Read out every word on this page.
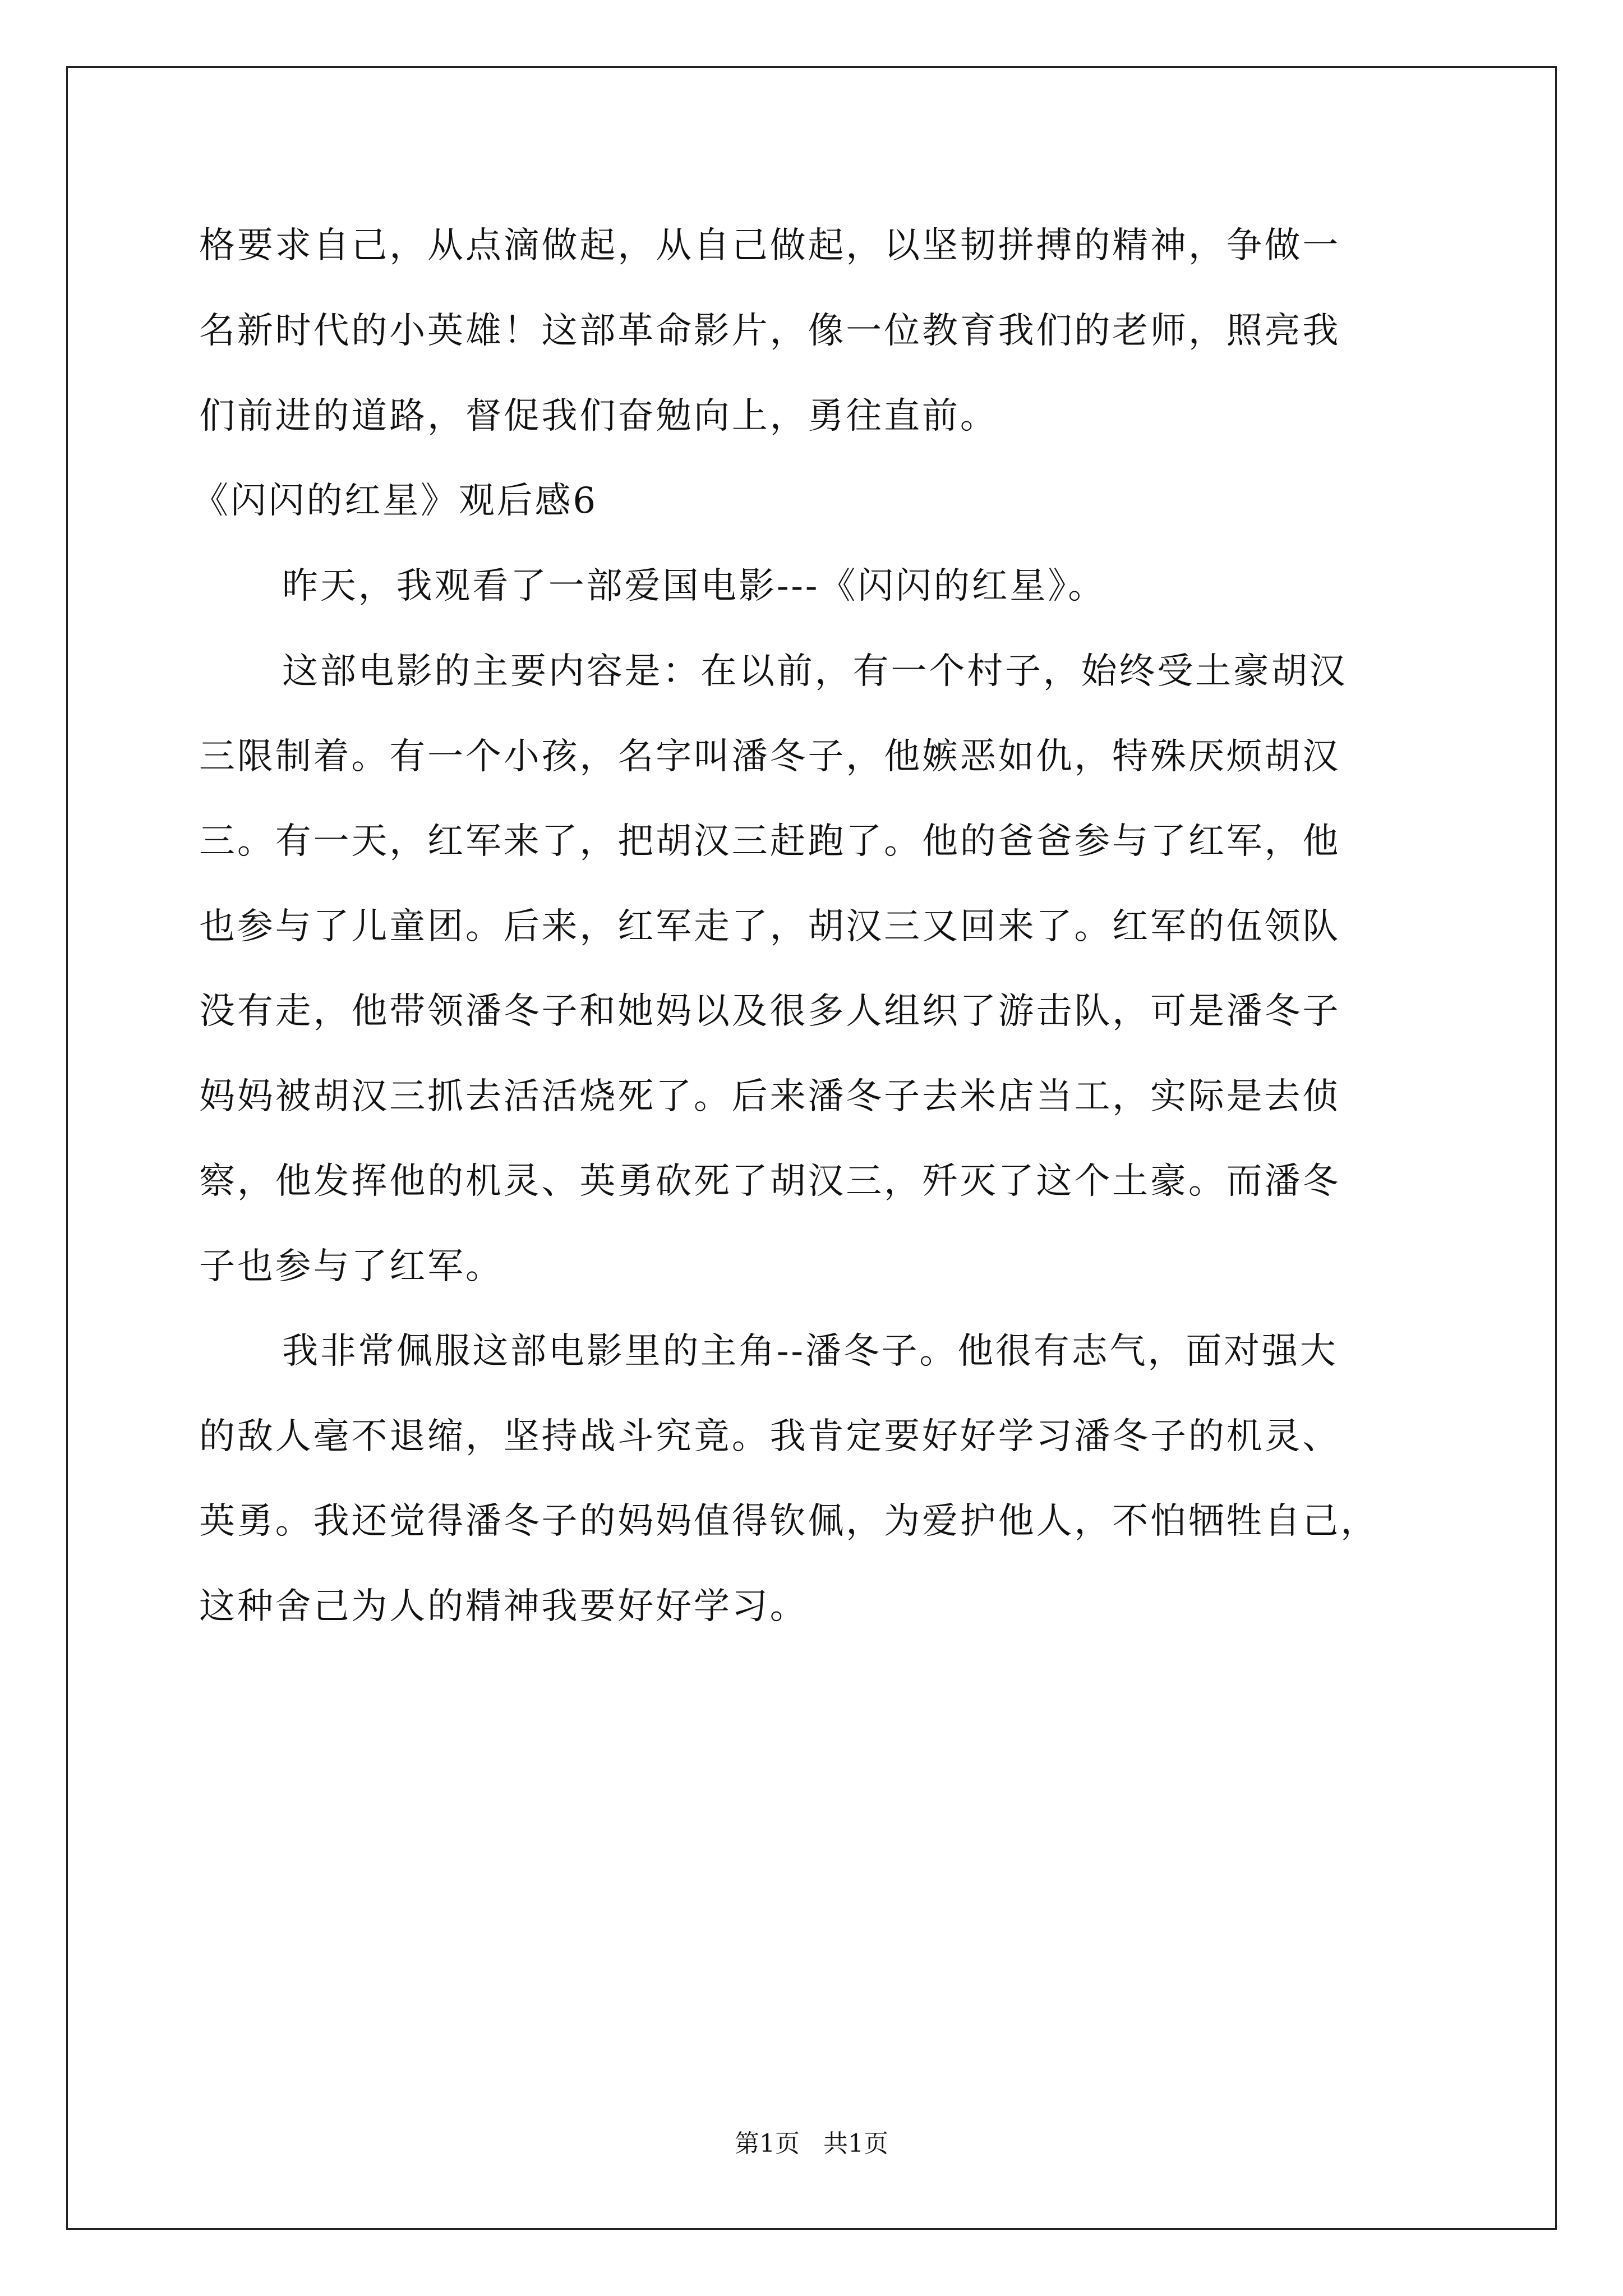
格要求自己，从点滴做起，从自己做起，以坚韧拼搏的精神，争做一
名新时代的小英雄！这部革命影片，像一位教育我们的老师，照亮我
们前进的道路，督促我们奋勉向上，勇往直前。
《闪闪的红星》观后感6
昨天，我观看了一部爱国电影---《闪闪的红星》。
这部电影的主要内容是：在以前，有一个村子，始终受土豪胡汉
三限制着。有一个小孩，名字叫潘冬子，他嫉恶如仇，特殊厌烦胡汉
三。有一天，红军来了，把胡汉三赶跑了。他的爸爸参与了红军，他
也参与了儿童团。后来，红军走了，胡汉三又回来了。红军的伍领队
没有走，他带领潘冬子和她妈以及很多人组织了游击队，可是潘冬子
妈妈被胡汉三抓去活活烧死了。后来潘冬子去米店当工，实际是去侦
察，他发挥他的机灵、英勇砍死了胡汉三，歼灭了这个土豪。而潘冬
子也参与了红军。
我非常佩服这部电影里的主角--潘冬子。他很有志气，面对强大
的敌人毫不退缩，坚持战斗究竟。我肯定要好好学习潘冬子的机灵、
英勇。我还觉得潘冬子的妈妈值得钦佩，为爱护他人，不怕牺牲自己，
这种舍己为人的精神我要好好学习。
第1页   共1页
